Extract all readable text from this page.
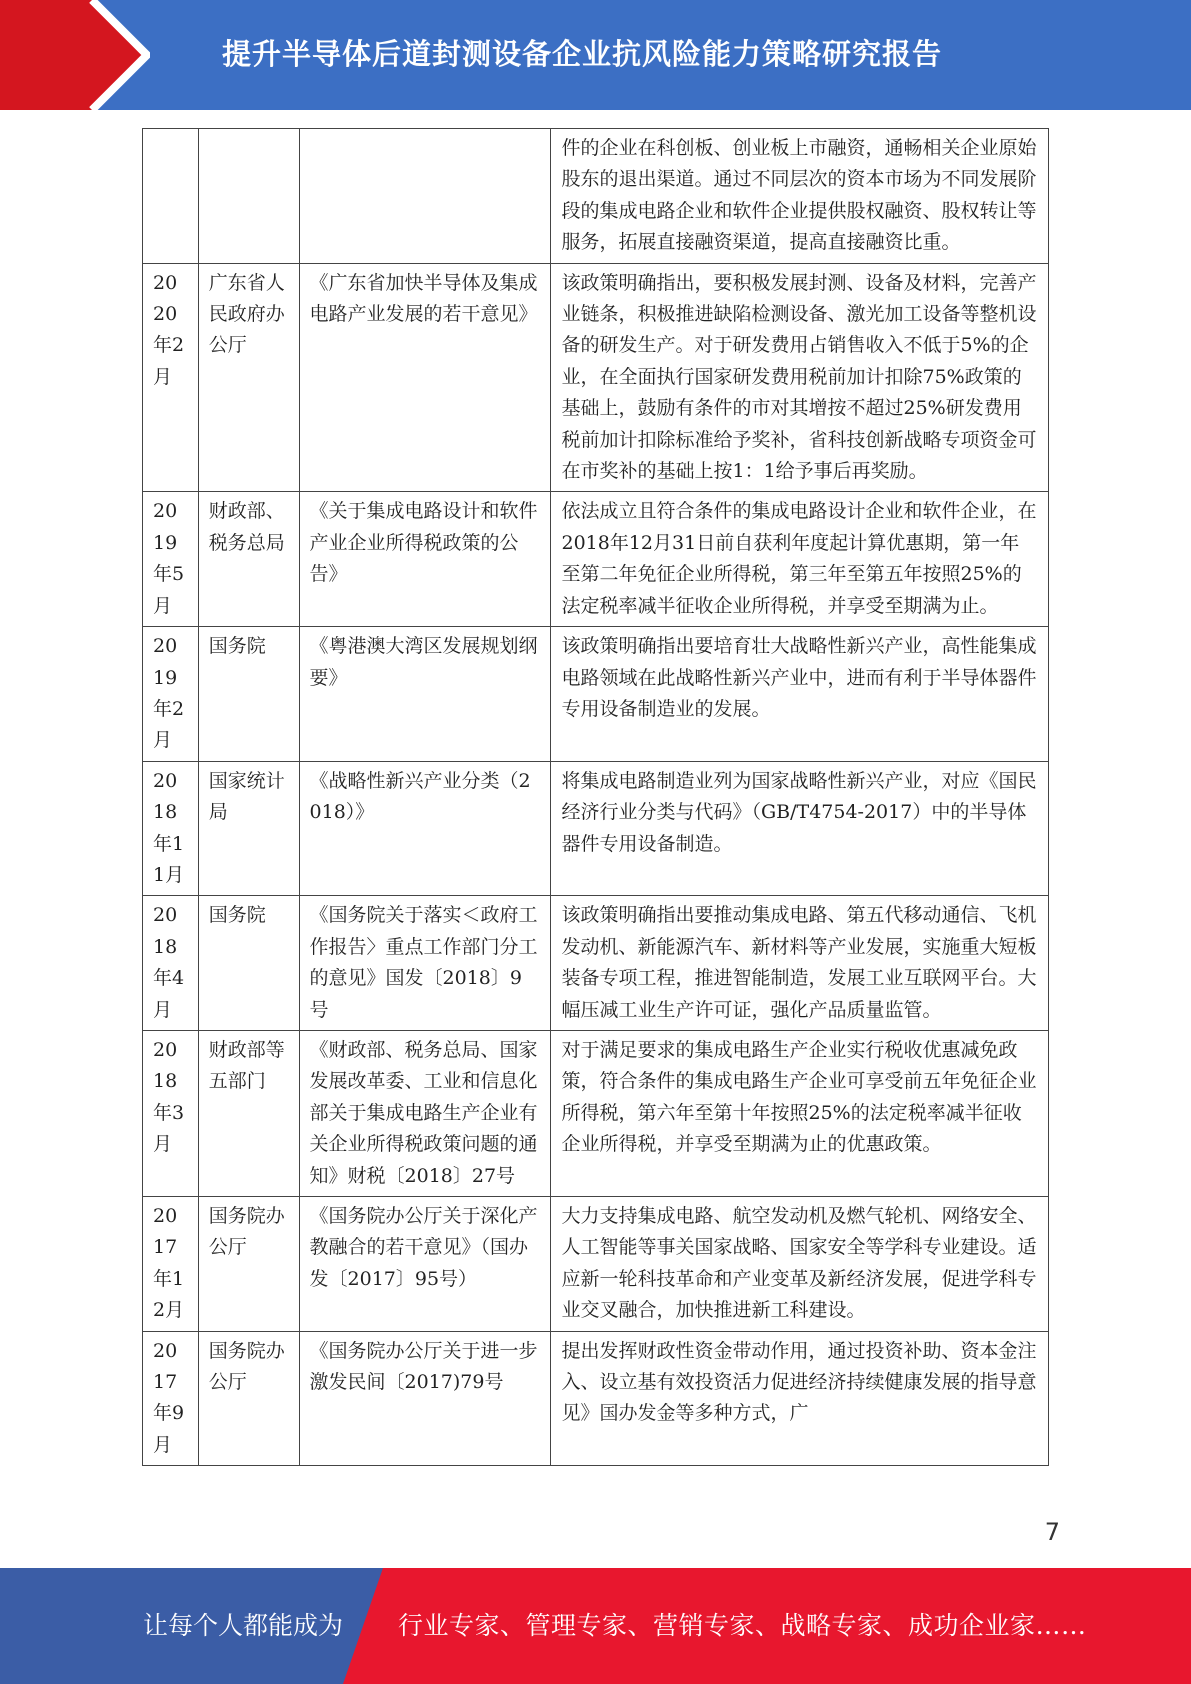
提升半导体后道封测设备企业抗风险能力策略研究报告
			件的企业在科创板、创业板上市融资，通畅相关企业原始股东的退出渠道。通过不同层次的资本市场为不同发展阶段的集成电路企业和软件企业提供股权融资、股权转让等服务，拓展直接融资渠道，提高直接融资比重。
2020年2月	广东省人民政府办公厅	《广东省加快半导体及集成电路产业发展的若干意见》	该政策明确指出，要积极发展封测、设备及材料，完善产业链条，积极推进缺陷检测设备、激光加工设备等整机设备的研发生产。对于研发费用占销售收入不低于5%的企业，在全面执行国家研发费用税前加计扣除75%政策的基础上，鼓励有条件的市对其增按不超过25%研发费用税前加计扣除标准给予奖补，省科技创新战略专项资金可在市奖补的基础上按1：1给予事后再奖励。
2019年5月	财政部、税务总局	《关于集成电路设计和软件产业企业所得税政策的公告》	依法成立且符合条件的集成电路设计企业和软件企业，在2018年12月31日前自获利年度起计算优惠期，第一年至第二年免征企业所得税，第三年至第五年按照25%的法定税率减半征收企业所得税，并享受至期满为止。
2019年2月	国务院	《粤港澳大湾区发展规划纲要》	该政策明确指出要培育壮大战略性新兴产业，高性能集成电路领域在此战略性新兴产业中，进而有利于半导体器件专用设备制造业的发展。
2018年11月	国家统计局	《战略性新兴产业分类（2018）》	将集成电路制造业列为国家战略性新兴产业，对应《国民经济行业分类与代码》（GB/T4754-2017）中的半导体器件专用设备制造。
2018年4月	国务院	《国务院关于落实＜政府工作报告〉重点工作部门分工的意见》国发〔2018〕9号	该政策明确指出要推动集成电路、第五代移动通信、飞机发动机、新能源汽车、新材料等产业发展，实施重大短板装备专项工程，推进智能制造，发展工业互联网平台。大幅压减工业生产许可证，强化产品质量监管。
2018年3月	财政部等五部门	《财政部、税务总局、国家发展改革委、工业和信息化部关于集成电路生产企业有关企业所得税政策问题的通知》财税〔2018〕27号	对于满足要求的集成电路生产企业实行税收优惠减免政策，符合条件的集成电路生产企业可享受前五年免征企业所得税，第六年至第十年按照25%的法定税率减半征收企业所得税，并享受至期满为止的优惠政策。
2017年12月	国务院办公厅	《国务院办公厅关于深化产教融合的若干意见》（国办发〔2017〕95号）	大力支持集成电路、航空发动机及燃气轮机、网络安全、人工智能等事关国家战略、国家安全等学科专业建设。适应新一轮科技革命和产业变革及新经济发展，促进学科专业交叉融合，加快推进新工科建设。
2017年9月	国务院办公厅	《国务院办公厅关于进一步激发民间〔2017)79号	提出发挥财政性资金带动作用，通过投资补助、资本金注入、设立基有效投资活力促进经济持续健康发展的指导意见》国办发金等多种方式，广
7
让每个人都能成为 行业专家、管理专家、营销专家、战略专家、成功企业家……
